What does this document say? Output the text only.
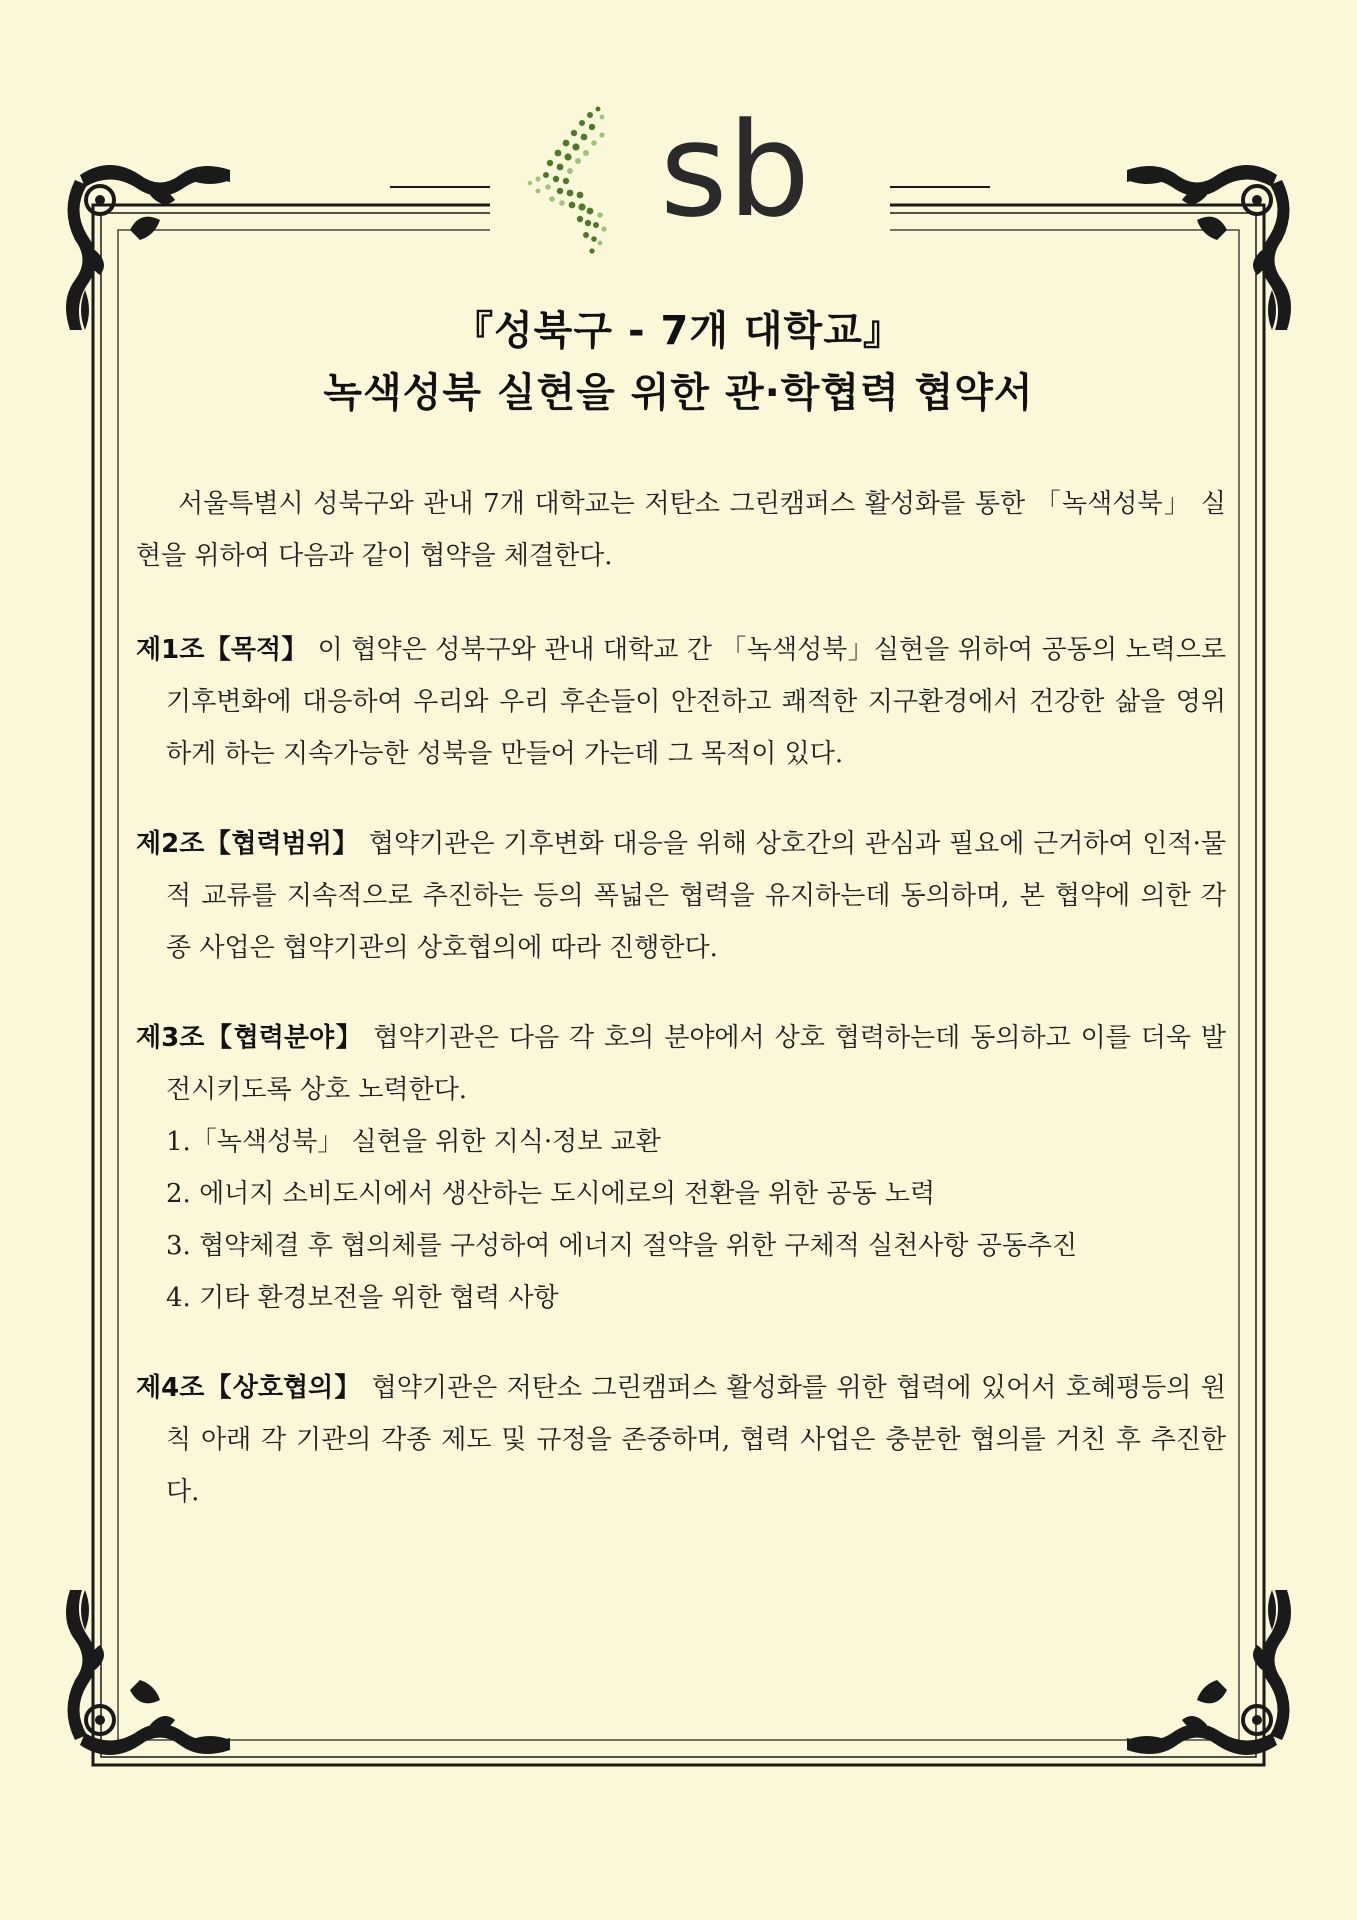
sb
『성북구 - 7개 대학교』
녹색성북 실현을 위한 관·학협력 협약서

서울특별시 성북구와 관내 7개 대학교는 저탄소 그린캠퍼스 활성화를 통한 「녹색성북」 실현을 위하여 다음과 같이 협약을 체결한다.

제1조【목적】 이 협약은 성북구와 관내 대학교 간 「녹색성북」실현을 위하여 공동의 노력으로 기후변화에 대응하여 우리와 우리 후손들이 안전하고 쾌적한 지구환경에서 건강한 삶을 영위하게 하는 지속가능한 성북을 만들어 가는데 그 목적이 있다.

제2조【협력범위】 협약기관은 기후변화 대응을 위해 상호간의 관심과 필요에 근거하여 인적·물적 교류를 지속적으로 추진하는 등의 폭넓은 협력을 유지하는데 동의하며, 본 협약에 의한 각종 사업은 협약기관의 상호협의에 따라 진행한다.

제3조【협력분야】 협약기관은 다음 각 호의 분야에서 상호 협력하는데 동의하고 이를 더욱 발전시키도록 상호 노력한다.

1.「녹색성북」 실현을 위한 지식·정보 교환
2. 에너지 소비도시에서 생산하는 도시에로의 전환을 위한 공동 노력
3. 협약체결 후 협의체를 구성하여 에너지 절약을 위한 구체적 실천사항 공동추진
4. 기타 환경보전을 위한 협력 사항

제4조【상호협의】 협약기관은 저탄소 그린캠퍼스 활성화를 위한 협력에 있어서 호혜평등의 원칙 아래 각 기관의 각종 제도 및 규정을 존중하며, 협력 사업은 충분한 협의를 거친 후 추진한다.
